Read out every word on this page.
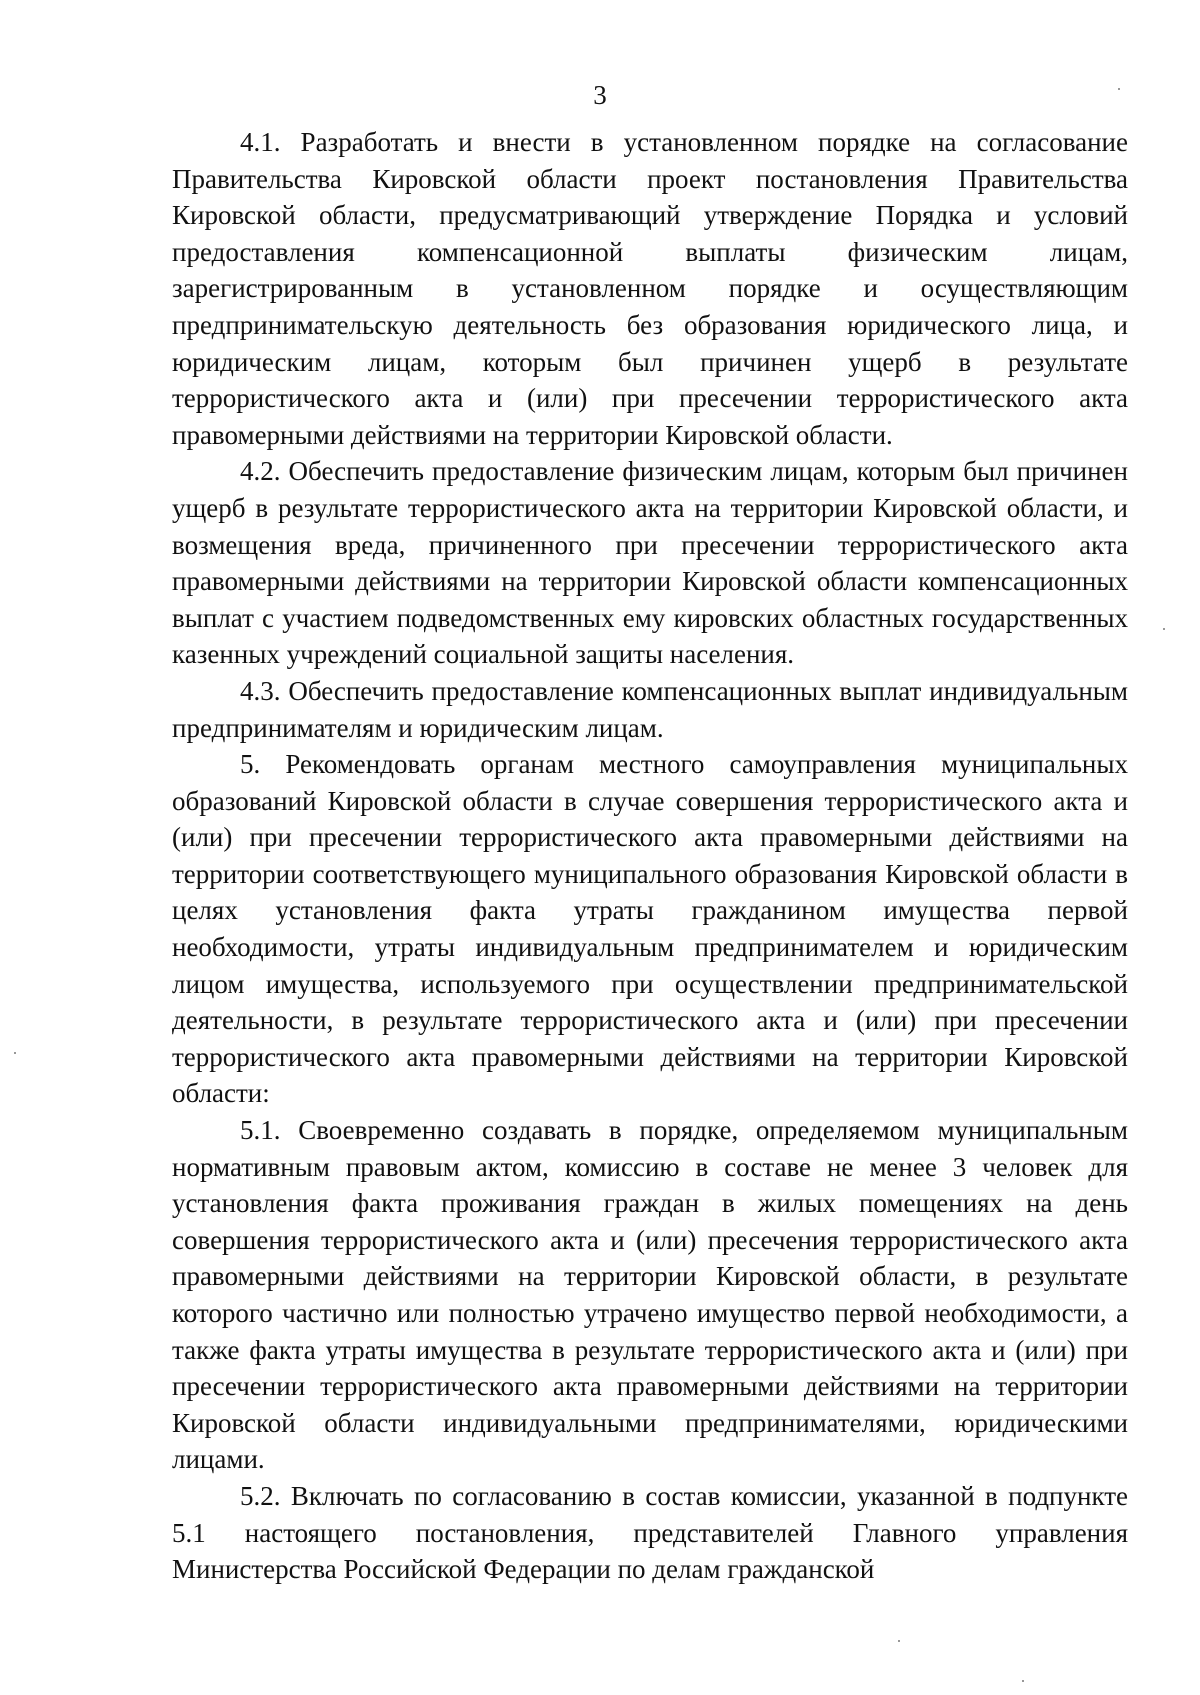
3

4.1. Разработать и внести в установленном порядке на согласование Правительства Кировской области проект постановления Правительства Кировской области, предусматривающий утверждение Порядка и условий предоставления компенсационной выплаты физическим лицам, зарегистрированным в установленном порядке и осуществляющим предпринимательскую деятельность без образования юридического лица, и юридическим лицам, которым был причинен ущерб в результате террористического акта и (или) при пресечении террористического акта правомерными действиями на территории Кировской области.

4.2. Обеспечить предоставление физическим лицам, которым был причинен ущерб в результате террористического акта на территории Кировской области, и возмещения вреда, причиненного при пресечении террористического акта правомерными действиями на территории Кировской области компенсационных выплат с участием подведомственных ему кировских областных государственных казенных учреждений социальной защиты населения.

4.3. Обеспечить предоставление компенсационных выплат индивидуальным предпринимателям и юридическим лицам.

5. Рекомендовать органам местного самоуправления муниципальных образований Кировской области в случае совершения террористического акта и (или) при пресечении террористического акта правомерными действиями на территории соответствующего муниципального образования Кировской области в целях установления факта утраты гражданином имущества первой необходимости, утраты индивидуальным предпринимателем и юридическим лицом имущества, используемого при осуществлении предпринимательской деятельности, в результате террористического акта и (или) при пресечении террористического акта правомерными действиями на территории Кировской области:

5.1. Своевременно создавать в порядке, определяемом муниципальным нормативным правовым актом, комиссию в составе не менее 3 человек для установления факта проживания граждан в жилых помещениях на день совершения террористического акта и (или) пресечения террористического акта правомерными действиями на территории Кировской области, в результате которого частично или полностью утрачено имущество первой необходимости, а также факта утраты имущества в результате террористического акта и (или) при пресечении террористического акта правомерными действиями на территории Кировской области индивидуальными предпринимателями, юридическими лицами.

5.2. Включать по согласованию в состав комиссии, указанной в подпункте 5.1 настоящего постановления, представителей Главного управления Министерства Российской Федерации по делам гражданской
